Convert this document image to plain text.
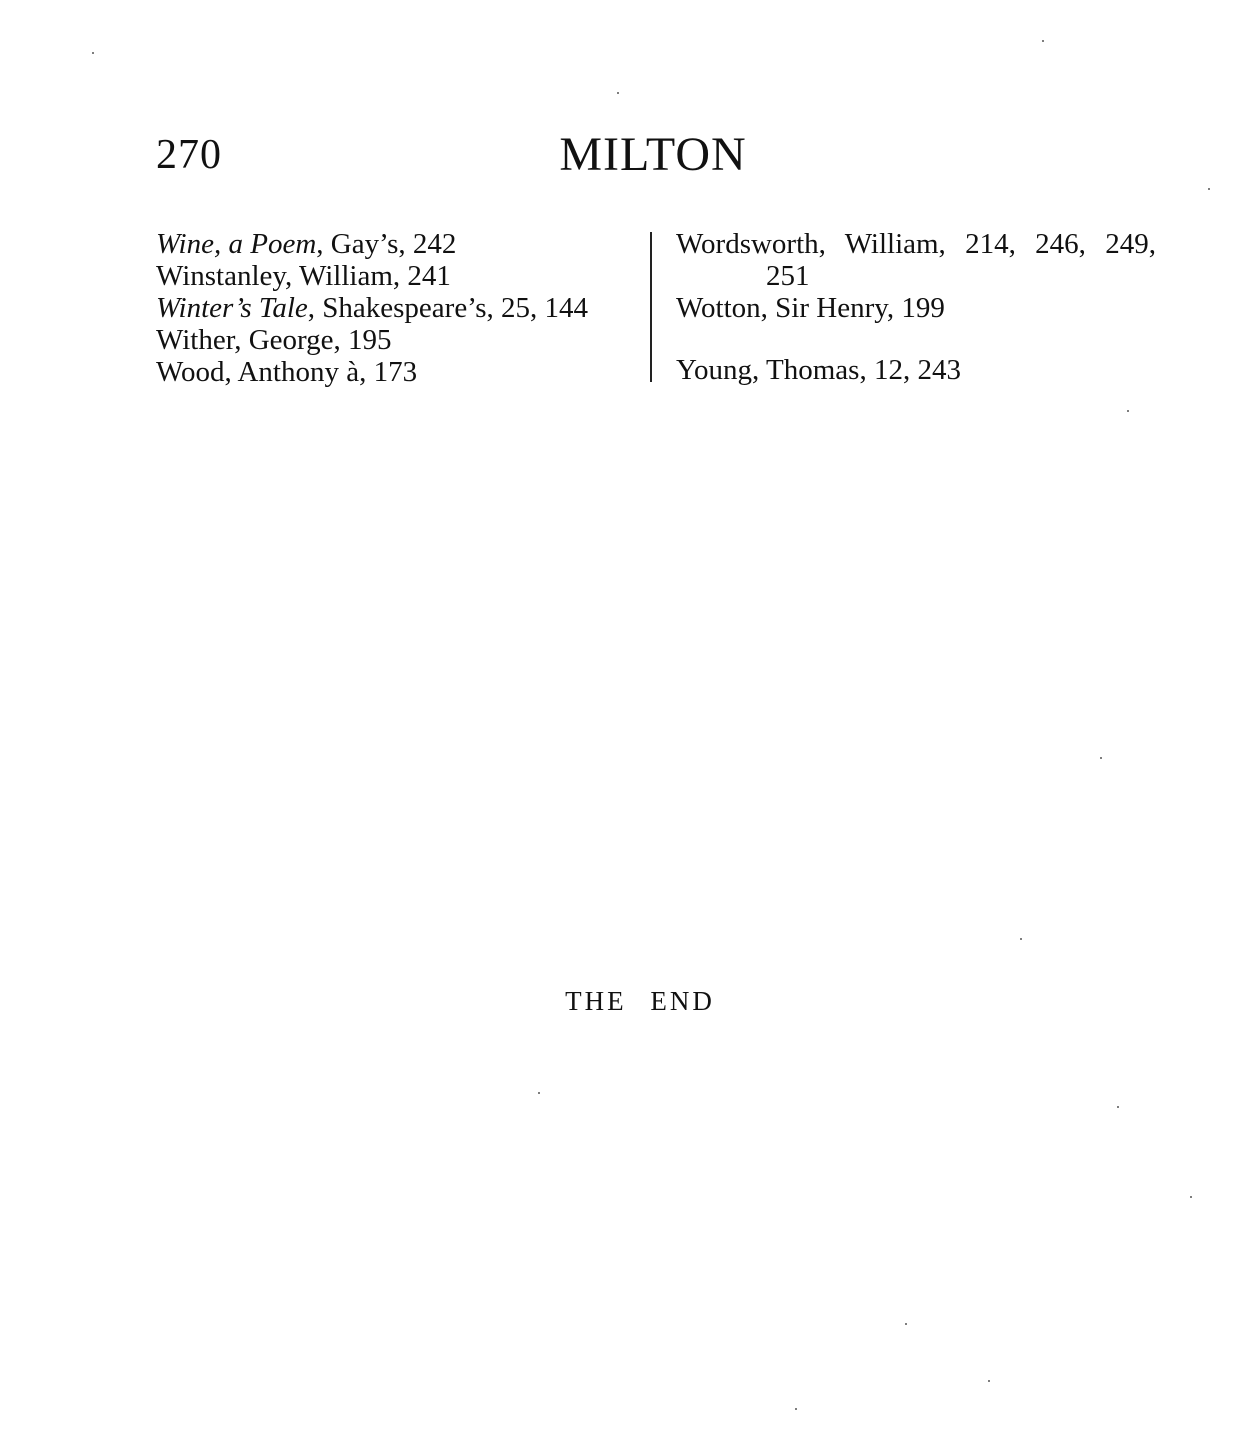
270	MILTON

Wine, a Poem, Gay’s, 242

Winstanley, William, 241

Winter’s Tale, Shakespeare’s, 25, 144

Wither, George, 195

Wood, Anthony à, 173

Wordsworth, William, 214, 246, 249, 251

Wotton, Sir Henry, 199

Young, Thomas, 12, 243

THE END
